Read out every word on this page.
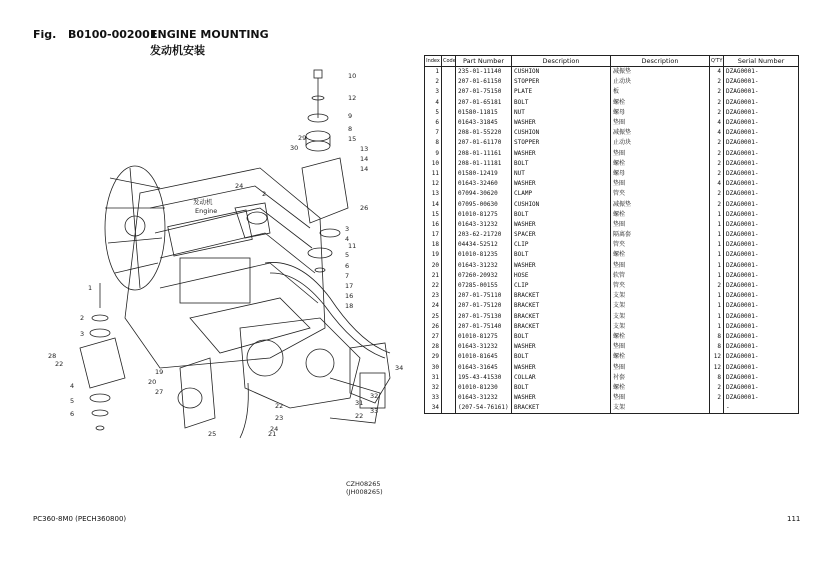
Fig. B0100-002001
ENGINE MOUNTING
发动机安装
发动机
Engine
10
12
9
8
15
13
14
14
26
29
30
11
24
2
3
4
5
6
7
17
16
18
1
2
3
4
5
6
28
22
22
21
33
34
32
31
22
23
19
20
27
25
24
CZH08265
(JH008265)
Index	Code	Part Number	Description	Description	Q'TY	Serial Number
1		235-01-11140	CUSHION	减振垫	4	DZAG0001-
2		207-01-61150	STOPPER	止动块	2	DZAG0001-
3		207-01-75150	PLATE	板	2	DZAG0001-
4		207-01-65181	BOLT	螺栓	2	DZAG0001-
5		01580-11815	NUT	螺母	2	DZAG0001-
6		01643-31845	WASHER	垫圈	4	DZAG0001-
7		208-01-55220	CUSHION	减振垫	4	DZAG0001-
8		207-01-61170	STOPPER	止动块	2	DZAG0001-
9		208-01-11161	WASHER	垫圈	2	DZAG0001-
10		208-01-11181	BOLT	螺栓	2	DZAG0001-
11		01580-12419	NUT	螺母	2	DZAG0001-
12		01643-32460	WASHER	垫圈	4	DZAG0001-
13		07094-30620	CLAMP	管夹	2	DZAG0001-
14		07095-00630	CUSHION	减振垫	2	DZAG0001-
15		01010-81275	BOLT	螺栓	1	DZAG0001-
16		01643-31232	WASHER	垫圈	1	DZAG0001-
17		203-62-21720	SPACER	隔离套	1	DZAG0001-
18		04434-52512	CLIP	管夹	1	DZAG0001-
19		01010-81235	BOLT	螺栓	1	DZAG0001-
20		01643-31232	WASHER	垫圈	1	DZAG0001-
21		07260-20932	HOSE	软管	1	DZAG0001-
22		07285-00155	CLIP	管夹	2	DZAG0001-
23		207-01-75110	BRACKET	支架	1	DZAG0001-
24		207-01-75120	BRACKET	支架	1	DZAG0001-
25		207-01-75130	BRACKET	支架	1	DZAG0001-
26		207-01-75140	BRACKET	支架	1	DZAG0001-
27		01010-81275	BOLT	螺栓	8	DZAG0001-
28		01643-31232	WASHER	垫圈	8	DZAG0001-
29		01010-81645	BOLT	螺栓	12	DZAG0001-
30		01643-31645	WASHER	垫圈	12	DZAG0001-
31		195-43-41530	COLLAR	衬套	8	DZAG0001-
32		01010-81230	BOLT	螺栓	2	DZAG0001-
33		01643-31232	WASHER	垫圈	2	DZAG0001-
34		(207-54-76161)	BRACKET	支架		-
PC360-8M0 (PECH360800)	111
